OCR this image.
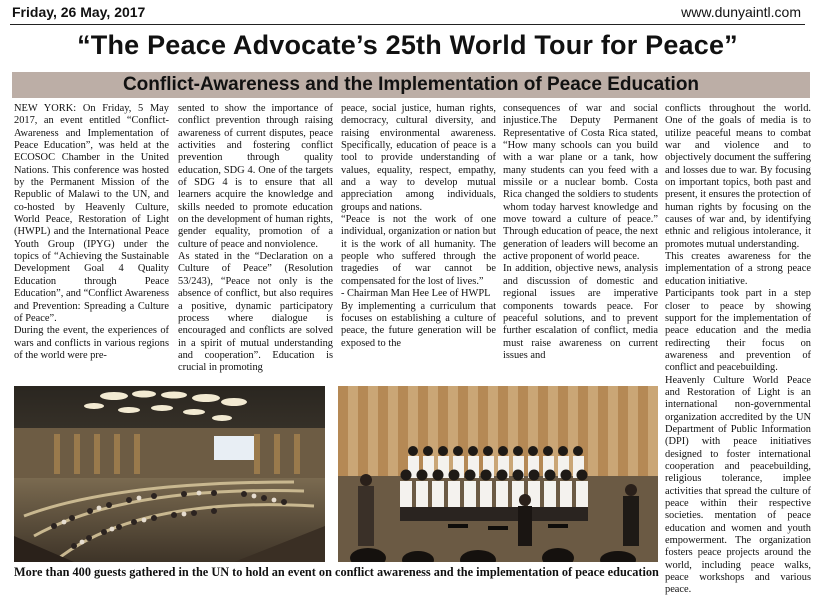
Friday, 26 May, 2017	www.dunyaintl.com
“The Peace Advocate’s 25th World Tour for Peace”
Conflict-Awareness and the Implementation of Peace Education

NEW YORK: On Friday, 5 May 2017, an event entitled “Conflict-Awareness and Implementation of Peace Education”, was held at the ECOSOC Chamber in the United Nations. This conference was hosted by the Permanent Mission of the Republic of Malawi to the UN, and co-hosted by Heavenly Culture, World Peace, Restoration of Light (HWPL) and the International Peace Youth Group (IPYG) under the topics of “Achieving the Sustainable Development Goal 4 Quality Education through Peace Education”, and “Conflict Awareness and Prevention: Spreading a Culture of Peace”.

During the event, the experiences of wars and conflicts in various regions of the world were pre-

sented to show the importance of conflict prevention through raising awareness of current disputes, peace activities and fostering conflict prevention through quality education, SDG 4. One of the targets of SDG 4 is to ensure that all learners acquire the knowledge and skills needed to promote education on the development of human rights, gender equality, promotion of a culture of peace and nonviolence.

As stated in the “Declaration on a Culture of Peace” (Resolution 53/243), “Peace not only is the absence of conflict, but also requires a positive, dynamic participatory process where dialogue is encouraged and conflicts are solved in a spirit of mutual understanding and cooperation”. Education is crucial in promoting

peace, social justice, human rights, democracy, cultural diversity, and raising environmental awareness. Specifically, education of peace is a tool to provide understanding of values, equality, respect, empathy, and a way to develop mutual appreciation among individuals, groups and nations.

“Peace is not the work of one individual, organization or nation but it is the work of all humanity. The people who suffered through the tragedies of war cannot be compensated for the lost of lives.”

- Chairman Man Hee Lee of HWPL

By implementing a curriculum that focuses on establishing a culture of peace, the future generation will be exposed to the

consequences of war and social injustice.The Deputy Permanent Representative of Costa Rica stated, “How many schools can you build with a war plane or a tank, how many students can you feed with a missile or a nuclear bomb. Costa Rica changed the soldiers to students whom today harvest knowledge and move toward a culture of peace.” Through education of peace, the next generation of leaders will become an active proponent of world peace.

In addition, objective news, analysis and discussion of domestic and regional issues are imperative components towards peace. For peaceful solutions, and to prevent further escalation of conflict, media must raise awareness on current issues and

conflicts throughout the world. One of the goals of media is to utilize peaceful means to combat war and violence and to objectively document the suffering and losses due to war. By focusing on important topics, both past and present, it ensures the protection of human rights by focusing on the causes of war and, by identifying ethnic and religious intolerance, it promotes mutual understanding.

This creates awareness for the implementation of a strong peace education initiative.

Participants took part in a step closer to peace by showing support for the implementation of peace education and the media redirecting their focus on awareness and prevention of conflict and peacebuilding.

Heavenly Culture World Peace and Restoration of Light is an international non-governmental organization accredited by the UN Department of Public Information (DPI) with peace initiatives designed to foster international cooperation and peacebuilding, religious tolerance, implee activities that spread the culture of peace within their respective societies. mentation of peace education and women and youth empowerment. The organization fosters peace projects around the world, including peace walks, peace workshops and various peace.

More than 400 guests gathered in the UN to hold an event on conflict awareness and the implementation of peace education
